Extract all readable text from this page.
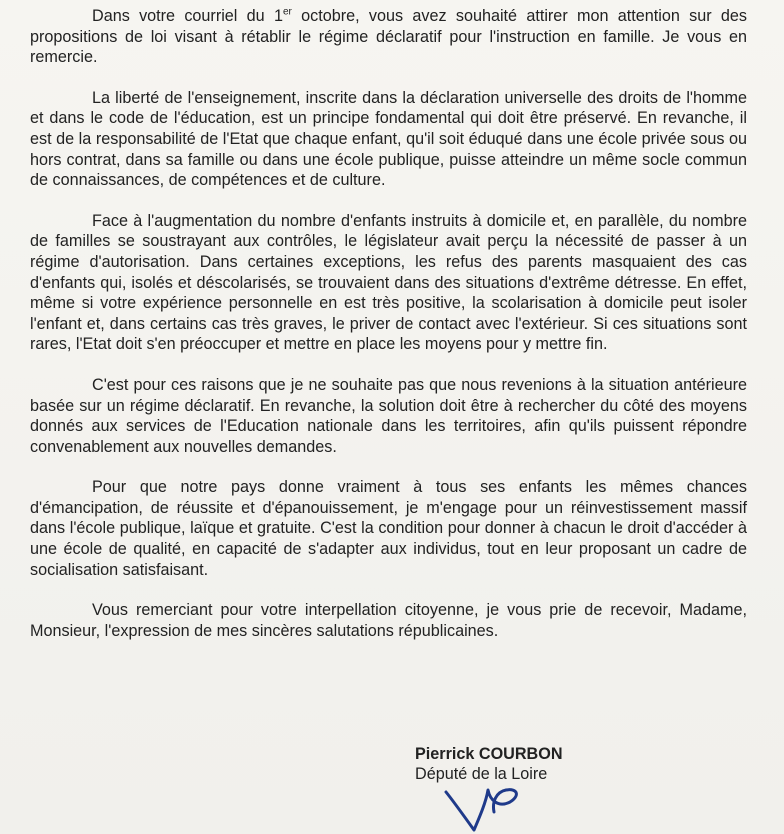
Dans votre courriel du 1er octobre, vous avez souhaité attirer mon attention sur des propositions de loi visant à rétablir le régime déclaratif pour l'instruction en famille. Je vous en remercie.

La liberté de l'enseignement, inscrite dans la déclaration universelle des droits de l'homme et dans le code de l'éducation, est un principe fondamental qui doit être préservé. En revanche, il est de la responsabilité de l'Etat que chaque enfant, qu'il soit éduqué dans une école privée sous ou hors contrat, dans sa famille ou dans une école publique, puisse atteindre un même socle commun de connaissances, de compétences et de culture.

Face à l'augmentation du nombre d'enfants instruits à domicile et, en parallèle, du nombre de familles se soustrayant aux contrôles, le législateur avait perçu la nécessité de passer à un régime d'autorisation. Dans certaines exceptions, les refus des parents masquaient des cas d'enfants qui, isolés et déscolarisés, se trouvaient dans des situations d'extrême détresse. En effet, même si votre expérience personnelle en est très positive, la scolarisation à domicile peut isoler l'enfant et, dans certains cas très graves, le priver de contact avec l'extérieur. Si ces situations sont rares, l'Etat doit s'en préoccuper et mettre en place les moyens pour y mettre fin.

C'est pour ces raisons que je ne souhaite pas que nous revenions à la situation antérieure basée sur un régime déclaratif. En revanche, la solution doit être à rechercher du côté des moyens donnés aux services de l'Education nationale dans les territoires, afin qu'ils puissent répondre convenablement aux nouvelles demandes.

Pour que notre pays donne vraiment à tous ses enfants les mêmes chances d'émancipation, de réussite et d'épanouissement, je m'engage pour un réinvestissement massif dans l'école publique, laïque et gratuite. C'est la condition pour donner à chacun le droit d'accéder à une école de qualité, en capacité de s'adapter aux individus, tout en leur proposant un cadre de socialisation satisfaisant.

Vous remerciant pour votre interpellation citoyenne, je vous prie de recevoir, Madame, Monsieur, l'expression de mes sincères salutations républicaines.

Pierrick COURBON
Député de la Loire
